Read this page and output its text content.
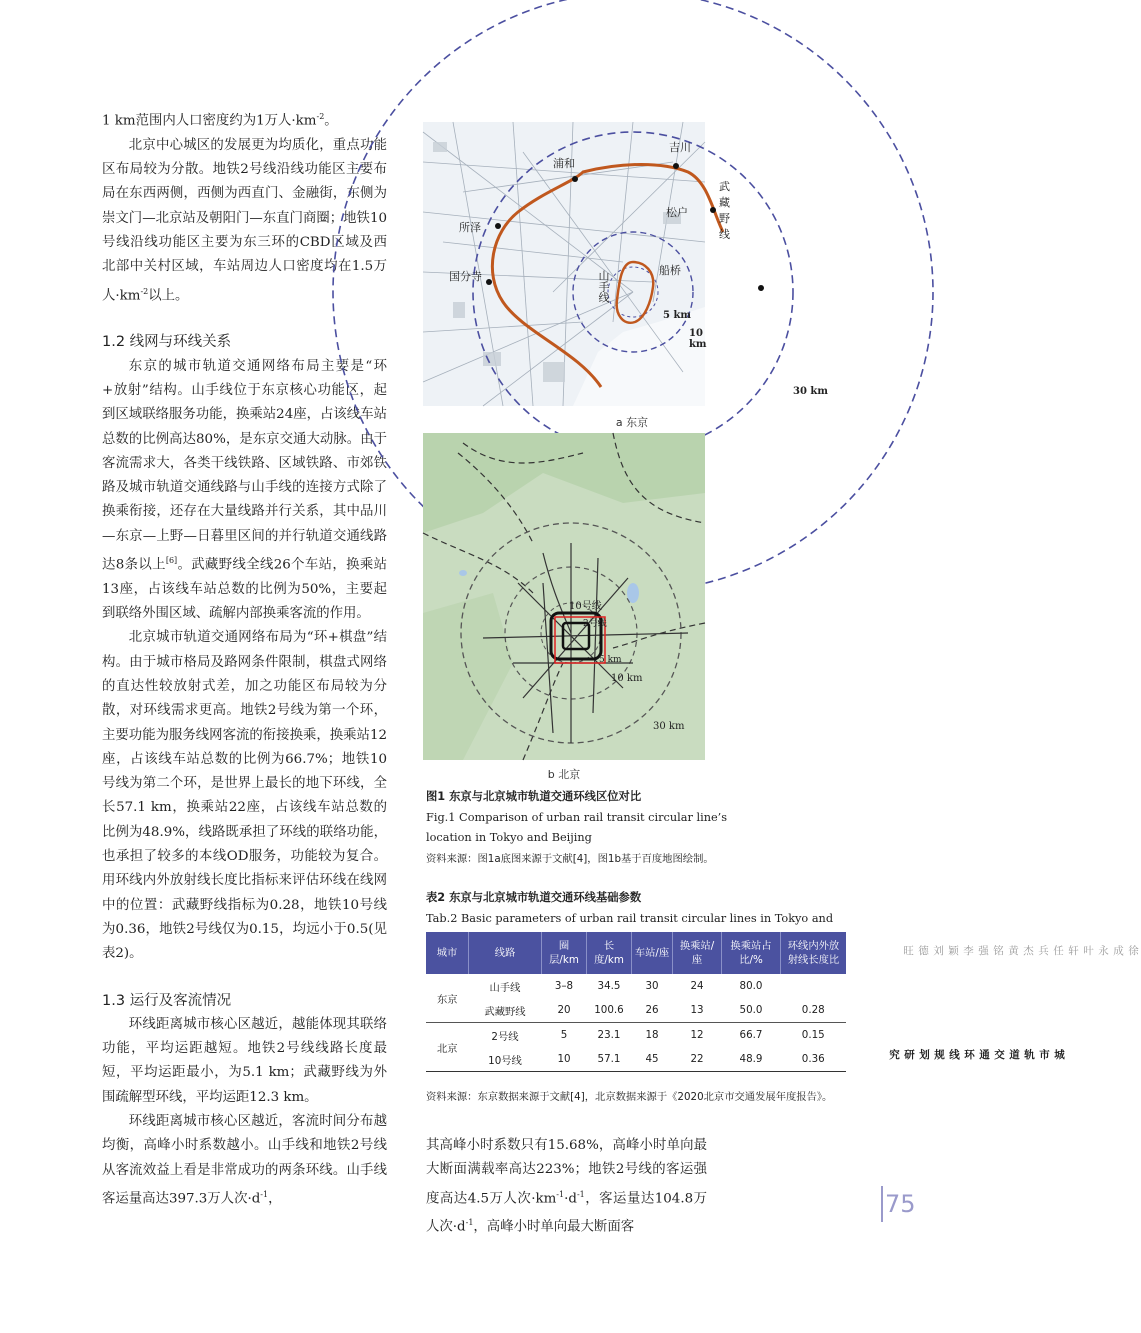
1 km范围内人口密度约为1万人$\cdot km^{-2}$。

北京中心城区的发展更为均质化，重点功能区布局较为分散。地铁2号线沿线功能区主要布局在东西两侧，西侧为西直门、金融街，东侧为崇文门—北京站及朝阳门—东直门商圈；地铁10号线沿线功能区主要为东三环的CBD区域及西北部中关村区域，车站周边人口密度均在1.5万人$\cdot km^{-2}$以上。

1.2 线网与环线关系

东京的城市轨道交通网络布局主要是“环+放射”结构。山手线位于东京核心功能区，起到区域联络服务功能，换乘站24座，占该线车站总数的比例高达80%，是东京交通大动脉。由于客流需求大，各类干线铁路、区域铁路、市郊铁路及城市轨道交通线路与山手线的连接方式除了换乘衔接，还存在大量线路并行关系，其中品川—东京—上野—日暮里区间的并行轨道交通线路达8条以上[6]。武藏野线全线26个车站，换乘站13座，占该线车站总数的比例为50%，主要起到联络外围区域、疏解内部换乘客流的作用。

北京城市轨道交通网络布局为“环+棋盘”结构。由于城市格局及路网条件限制，棋盘式网络的直达性较放射式差，加之功能区布局较为分散，对环线需求更高。地铁2号线为第一个环，主要功能为服务线网客流的衔接换乘，换乘站12座，占该线车站总数的比例为66.7%；地铁10号线为第二个环，是世界上最长的地下环线，全长57.1 km，换乘站22座，占该线车站总数的比例为48.9%，线路既承担了环线的联络功能，也承担了较多的本线OD服务，功能较为复合。用环线内外放射线长度比指标来评估环线在线网中的位置：武藏野线指标为0.28，地铁10号线为0.36，地铁2号线仅为0.15，均远小于0.5(见表2)。

1.3 运行及客流情况

环线距离城市核心区越近，越能体现其联络功能，平均运距越短。地铁2号线线路长度最短，平均运距最小，为5.1 km；武藏野线为外围疏解型环线，平均运距12.3 km。

环线距离城市核心区越近，客流时间分布越均衡，高峰小时系数越小。山手线和地铁2号线从客流效益上看是非常成功的两条环线。山手线客运量高达397.3万人次$\cdot d^{-1}$，

浦和
吉川
所泽
松户
国分寺	船桥
武藏野线
山手线
5 km
10 km
30 km
a 东京
10号线
2号线
5 km
10 km
30 km
b 北京
图1 东京与北京城市轨道交通环线区位对比
Fig.1 Comparison of urban rail transit circular line’s
location in Tokyo and Beijing
资料来源：图1a底图来源于文献[4]，图1b基于百度地图绘制。
表2 东京与北京城市轨道交通环线基础参数
Tab.2 Basic parameters of urban rail transit circular lines in Tokyo and
城市	线路	圈层/km	长度/km	车站/座	换乘站/座	换乘站占比/%	环线内外放射线长度比
东京	山手线	3–8	34.5	30	24	80.0	
	武藏野线	20	100.6	26	13	50.0	0.28
北京	2号线	5	23.1	18	12	66.7	0.15
	10号线	10	57.1	45	22	48.9	0.36
资料来源：东京数据来源于文献[4]，北京数据来源于《2020北京市交通发展年度报告》。
其高峰小时系数只有15.68%，高峰小时单向最大断面满载率高达223%；地铁2号线的客运强度高达4.5万人次$\cdot km^{-1}\cdot d^{-1}$，客运量达104.8万人次$\cdot d^{-1}$，高峰小时单向最大断面客
徐成永 叶轩 任兵杰 黄铭强 李颖 刘德旺
城市轨道交通环线规划研究
75
